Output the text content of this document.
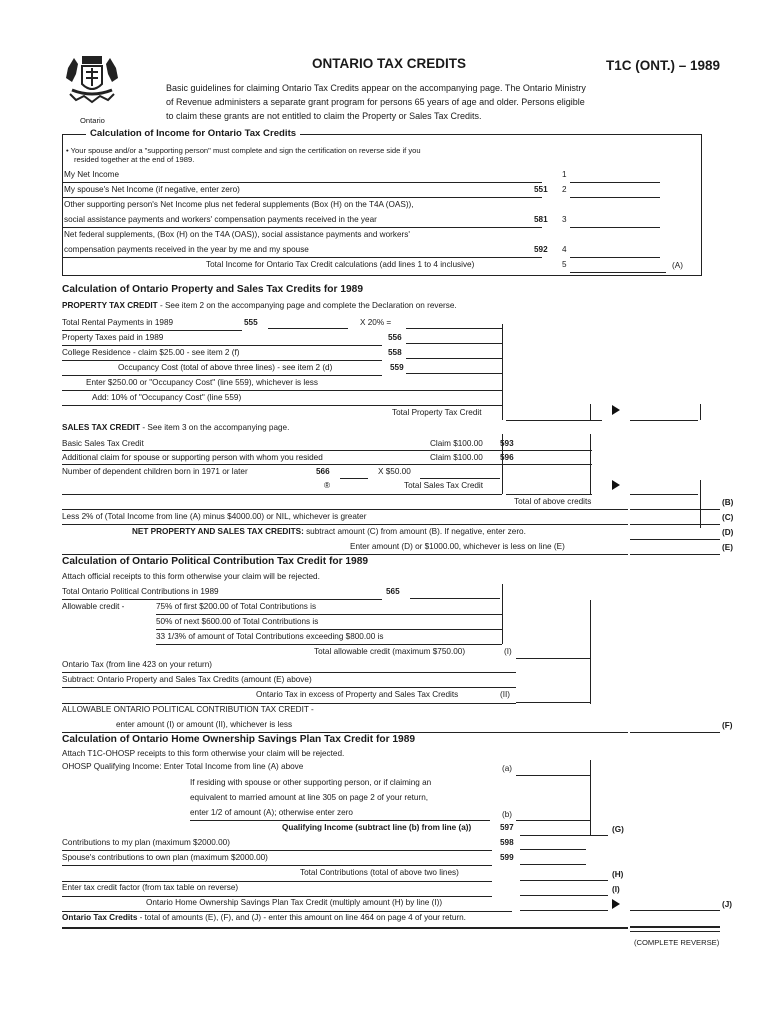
Ontario
ONTARIO TAX CREDITS	T1C (ONT.) – 1989
Basic guidelines for claiming Ontario Tax Credits appear on the accompanying page. The Ontario Ministry
of Revenue administers a separate grant program for persons 65 years of age and older. Persons eligible
to claim these grants are not entitled to claim the Property or Sales Tax Credits.
Calculation of Income for Ontario Tax Credits
• Your spouse and/or a "supporting person" must complete and sign the certification on reverse side if you
resided together at the end of 1989.
My Net Income	1
My spouse's Net Income (if negative, enter zero)	551 2
Other supporting person's Net Income plus net federal supplements (Box (H) on the T4A (OAS)),
social assistance payments and workers' compensation payments received in the year	581 3
Net federal supplements, (Box (H) on the T4A (OAS)), social assistance payments and workers'
compensation payments received in the year by me and my spouse	592 4
Total Income for Ontario Tax Credit calculations (add lines 1 to 4 inclusive)	5	(A)
Calculation of Ontario Property and Sales Tax Credits for 1989
PROPERTY TAX CREDIT - See item 2 on the accompanying page and complete the Declaration on reverse.
Total Rental Payments in 1989	555	X 20% =
Property Taxes paid in 1989	556
College Residence - claim $25.00 - see item 2 (f)	558
Occupancy Cost (total of above three lines) - see item 2 (d)	559
Enter $250.00 or "Occupancy Cost" (line 559), whichever is less
Add: 10% of "Occupancy Cost" (line 559)
Total Property Tax Credit
SALES TAX CREDIT - See item 3 on the accompanying page.
Basic Sales Tax Credit	Claim $100.00 593
Additional claim for spouse or supporting person with whom you resided	Claim $100.00 596
Number of dependent children born in 1971 or later	566	X $50.00
®	Total Sales Tax Credit
Total of above credits	(B)
Less 2% of (Total Income from line (A) minus $4000.00) or NIL, whichever is greater	(C)
NET PROPERTY AND SALES TAX CREDITS: subtract amount (C) from amount (B). If negative, enter zero.	(D)
Enter amount (D) or $1000.00, whichever is less on line (E)	(E)
Calculation of Ontario Political Contribution Tax Credit for 1989
Attach official receipts to this form otherwise your claim will be rejected.
Total Ontario Political Contributions in 1989	565
Allowable credit -	75% of first $200.00 of Total Contributions is
50% of next $600.00 of Total Contributions is
33 1/3% of amount of Total Contributions exceeding $800.00 is
Total allowable credit (maximum $750.00)	(I)
Ontario Tax (from line 423 on your return)
Subtract: Ontario Property and Sales Tax Credits (amount (E) above)
Ontario Tax in excess of Property and Sales Tax Credits	(II)
ALLOWABLE ONTARIO POLITICAL CONTRIBUTION TAX CREDIT -
enter amount (I) or amount (II), whichever is less	(F)
Calculation of Ontario Home Ownership Savings Plan Tax Credit for 1989
Attach T1C-OHOSP receipts to this form otherwise your claim will be rejected.
OHOSP Qualifying Income: Enter Total Income from line (A) above	(a)
If residing with spouse or other supporting person, or if claiming an
equivalent to married amount at line 305 on page 2 of your return,
enter 1/2 of amount (A); otherwise enter zero	(b)
Qualifying Income (subtract line (b) from line (a))	597	(G)
Contributions to my plan (maximum $2000.00)	598
Spouse's contributions to own plan (maximum $2000.00)	599
Total Contributions (total of above two lines)	(H)
Enter tax credit factor (from tax table on reverse)	(I)
Ontario Home Ownership Savings Plan Tax Credit (multiply amount (H) by line (I))	(J)
Ontario Tax Credits - total of amounts (E), (F), and (J) - enter this amount on line 464 on page 4 of your return.
(COMPLETE REVERSE)
